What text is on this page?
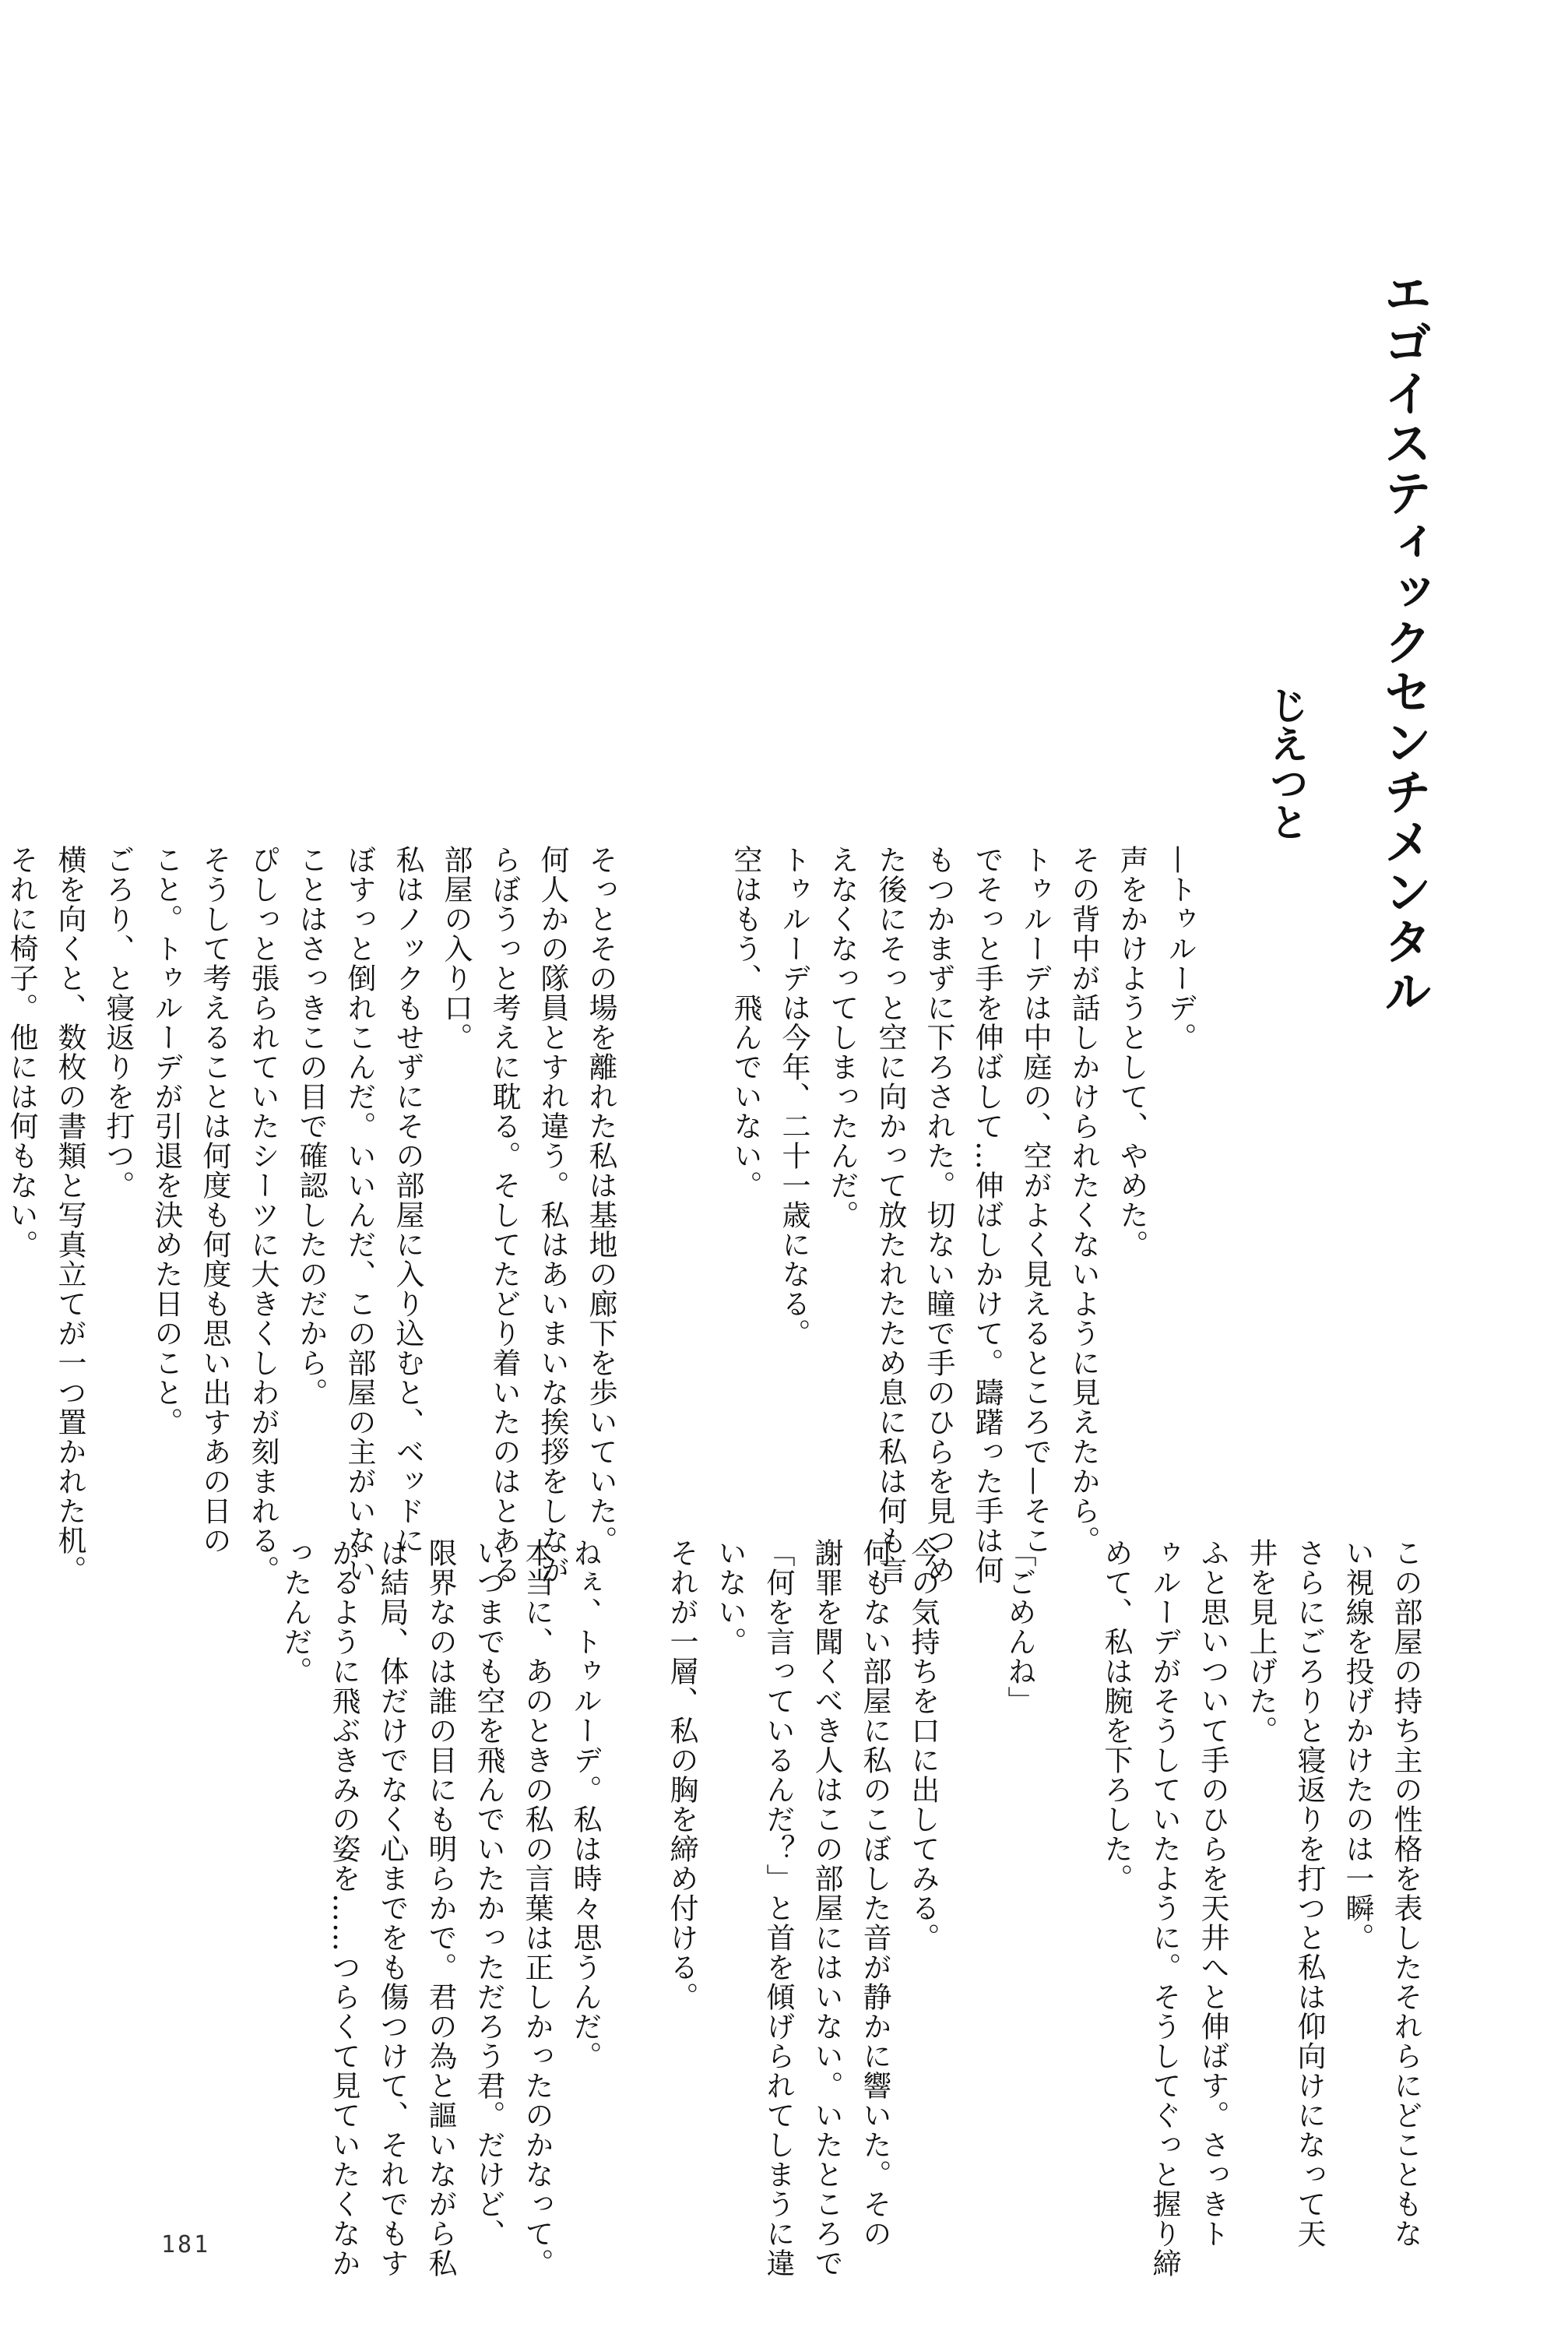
エゴイスティックセンチメンタル
じえつと
—トゥルーデ。
声をかけようとして、やめた。
その背中が話しかけられたくないように見えたから。
トゥルーデは中庭の、空がよく見えるところで—そこ
でそっと手を伸ばして…伸ばしかけて。躊躇った手は何
もつかまずに下ろされた。切ない瞳で手のひらを見つめ
た後にそっと空に向かって放たれたため息に私は何も言
えなくなってしまったんだ。
トゥルーデは今年、二十一歳になる。
空はもう、飛んでいない。

そっとその場を離れた私は基地の廊下を歩いていた。
何人かの隊員とすれ違う。私はあいまいな挨拶をしなが
らぼうっと考えに耽る。そしてたどり着いたのはとある
部屋の入り口。
私はノックもせずにその部屋に入り込むと、ベッドに
ぼすっと倒れこんだ。いいんだ、この部屋の主がいない
ことはさっきこの目で確認したのだから。
ぴしっと張られていたシーツに大きくしわが刻まれる。
そうして考えることは何度も何度も思い出すあの日の
こと。トゥルーデが引退を決めた日のこと。
ごろり、と寝返りを打つ。
横を向くと、数枚の書類と写真立てが一つ置かれた机。
それに椅子。他には何もない。
この部屋の持ち主の性格を表したそれらにどこともな
い視線を投げかけたのは一瞬。
さらにごろりと寝返りを打つと私は仰向けになって天
井を見上げた。
ふと思いついて手のひらを天井へと伸ばす。さっきト
ゥルーデがそうしていたように。そうしてぐっと握り締
めて、私は腕を下ろした。

「ごめんね」

今の気持ちを口に出してみる。
何もない部屋に私のこぼした音が静かに響いた。その
謝罪を聞くべき人はこの部屋にはいない。いたところで
「何を言っているんだ？」と首を傾げられてしまうに違
いない。
それが一層、私の胸を締め付ける。

ねぇ、トゥルーデ。私は時々思うんだ。
本当に、あのときの私の言葉は正しかったのかなって。
いつまでも空を飛んでいたかっただろう君。だけど、
限界なのは誰の目にも明らかで。君の為と謳いながら私
は結局、体だけでなく心までをも傷つけて、それでもす
がるように飛ぶきみの姿を……つらくて見ていたくなか
ったんだ。
181
